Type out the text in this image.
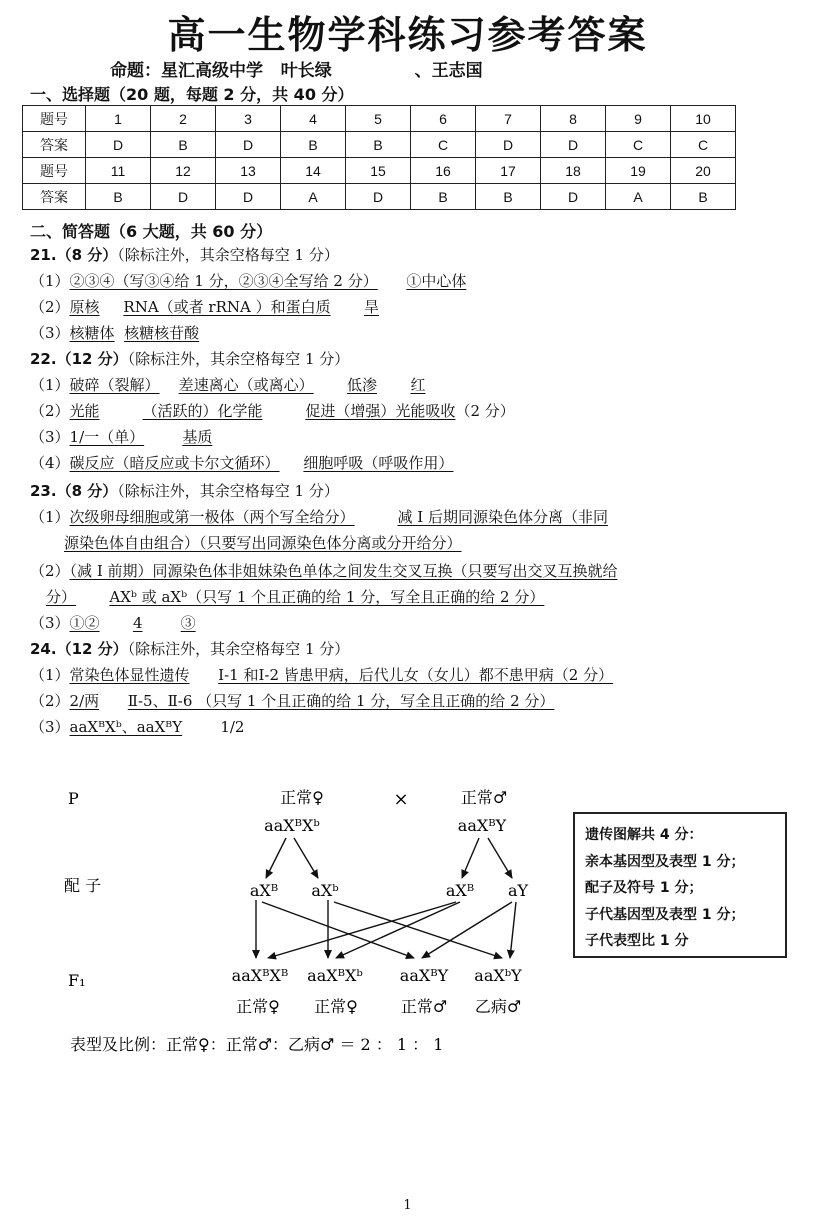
高一生物学科练习参考答案
命题：星汇高级中学   叶长绿              、王志国
一、选择题（20 题，每题 2 分，共 40 分）
题号	1	2	3	4	5	6	7	8	9	10
答案	D	B	D	B	B	C	D	D	C	C
题号	11	12	13	14	15	16	17	18	19	20
答案	B	D	D	A	D	B	B	D	A	B
二、简答题（6 大题，共 60 分）
21.（8 分）（除标注外，其余空格每空 1 分）
（1）②③④（写③④给 1 分，②③④全写给 2 分） ①中心体
（2）原核 RNA（或者 rRNA ）和蛋白质 旱
（3）核糖体 核糖核苷酸
22.（12 分）（除标注外，其余空格每空 1 分）
（1）破碎（裂解） 差速离心（或离心） 低渗 红
（2）光能	（活跃的）化学能	促进（增强）光能吸收（2 分）
（3）1/一（单）	基质
（4）碳反应（暗反应或卡尔文循环） 细胞呼吸（呼吸作用）
23.（8 分）（除标注外，其余空格每空 1 分）
（1）次级卵母细胞或第一极体（两个写全给分）	减 I 后期同源染色体分离（非同
源染色体自由组合）（只要写出同源染色体分离或分开给分）
（2）（减 I 前期）同源染色体非姐妹染色单体之间发生交叉互换（只要写出交叉互换就给
分） AXᵇ 或 aXᵇ（只写 1 个且正确的给 1 分，写全且正确的给 2 分）
（3）①② 4	③
24.（12 分）（除标注外，其余空格每空 1 分）
（1）常染色体显性遗传 Ⅰ-1 和Ⅰ-2 皆患甲病，后代儿女（女儿）都不患甲病（2 分）
（2）2/两 Ⅱ-5、Ⅱ-6 （只写 1 个且正确的给 1 分，写全且正确的给 2 分）
（3）aaXᴮXᵇ、aaXᴮY	1/2
P
配 子
F₁
正常♀	×	正常♂
aaXᴮXᵇ	aaXᴮY
aXᴮ aXᵇ	aXᴮ aY
aaXᴮXᴮ aaXᴮXᵇ aaXᴮY aaXᵇY
正常♀ 正常♀	正常♂ 乙病♂
表型及比例：正常♀：正常♂：乙病♂ ＝ 2 ： 1 ： 1
遗传图解共 4 分：
亲本基因型及表型 1 分；
配子及符号 1 分；
子代基因型及表型 1 分；
子代表型比 1 分
1
